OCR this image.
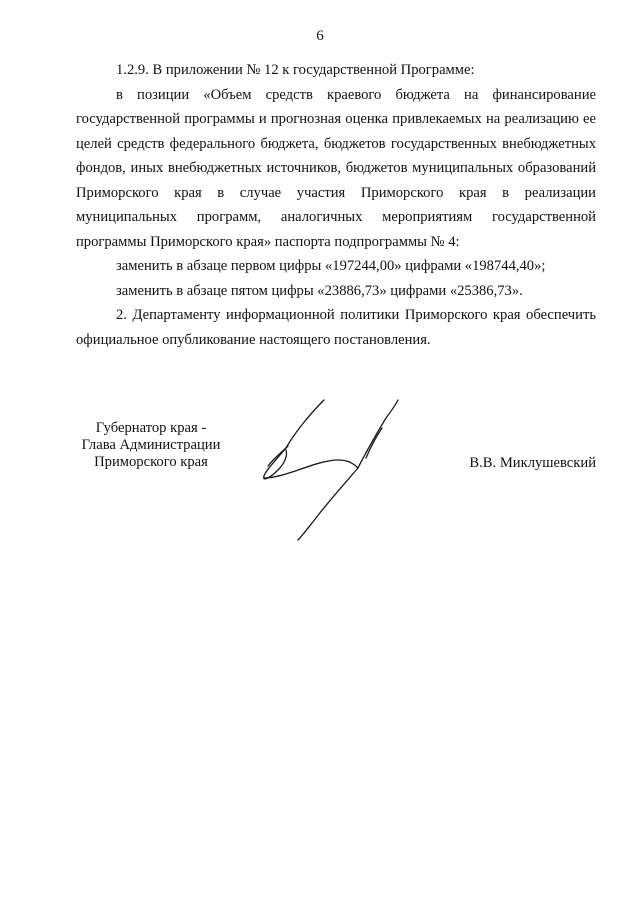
6

1.2.9. В приложении № 12 к государственной Программе:

в позиции «Объем средств краевого бюджета на финансирование государственной программы и прогнозная оценка привлекаемых на реализацию ее целей средств федерального бюджета, бюджетов государственных внебюджетных фондов, иных внебюджетных источников, бюджетов муниципальных образований Приморского края в случае участия Приморского края в реализации муниципальных программ, аналогичных мероприятиям государственной программы Приморского края» паспорта подпрограммы № 4:

заменить в абзаце первом цифры «197244,00» цифрами «198744,40»;

заменить в абзаце пятом цифры «23886,73» цифрами «25386,73».

2. Департаменту информационной политики Приморского края обеспечить официальное опубликование настоящего постановления.

Губернатор края -
Глава Администрации
Приморского края	В.В. Миклушевский
